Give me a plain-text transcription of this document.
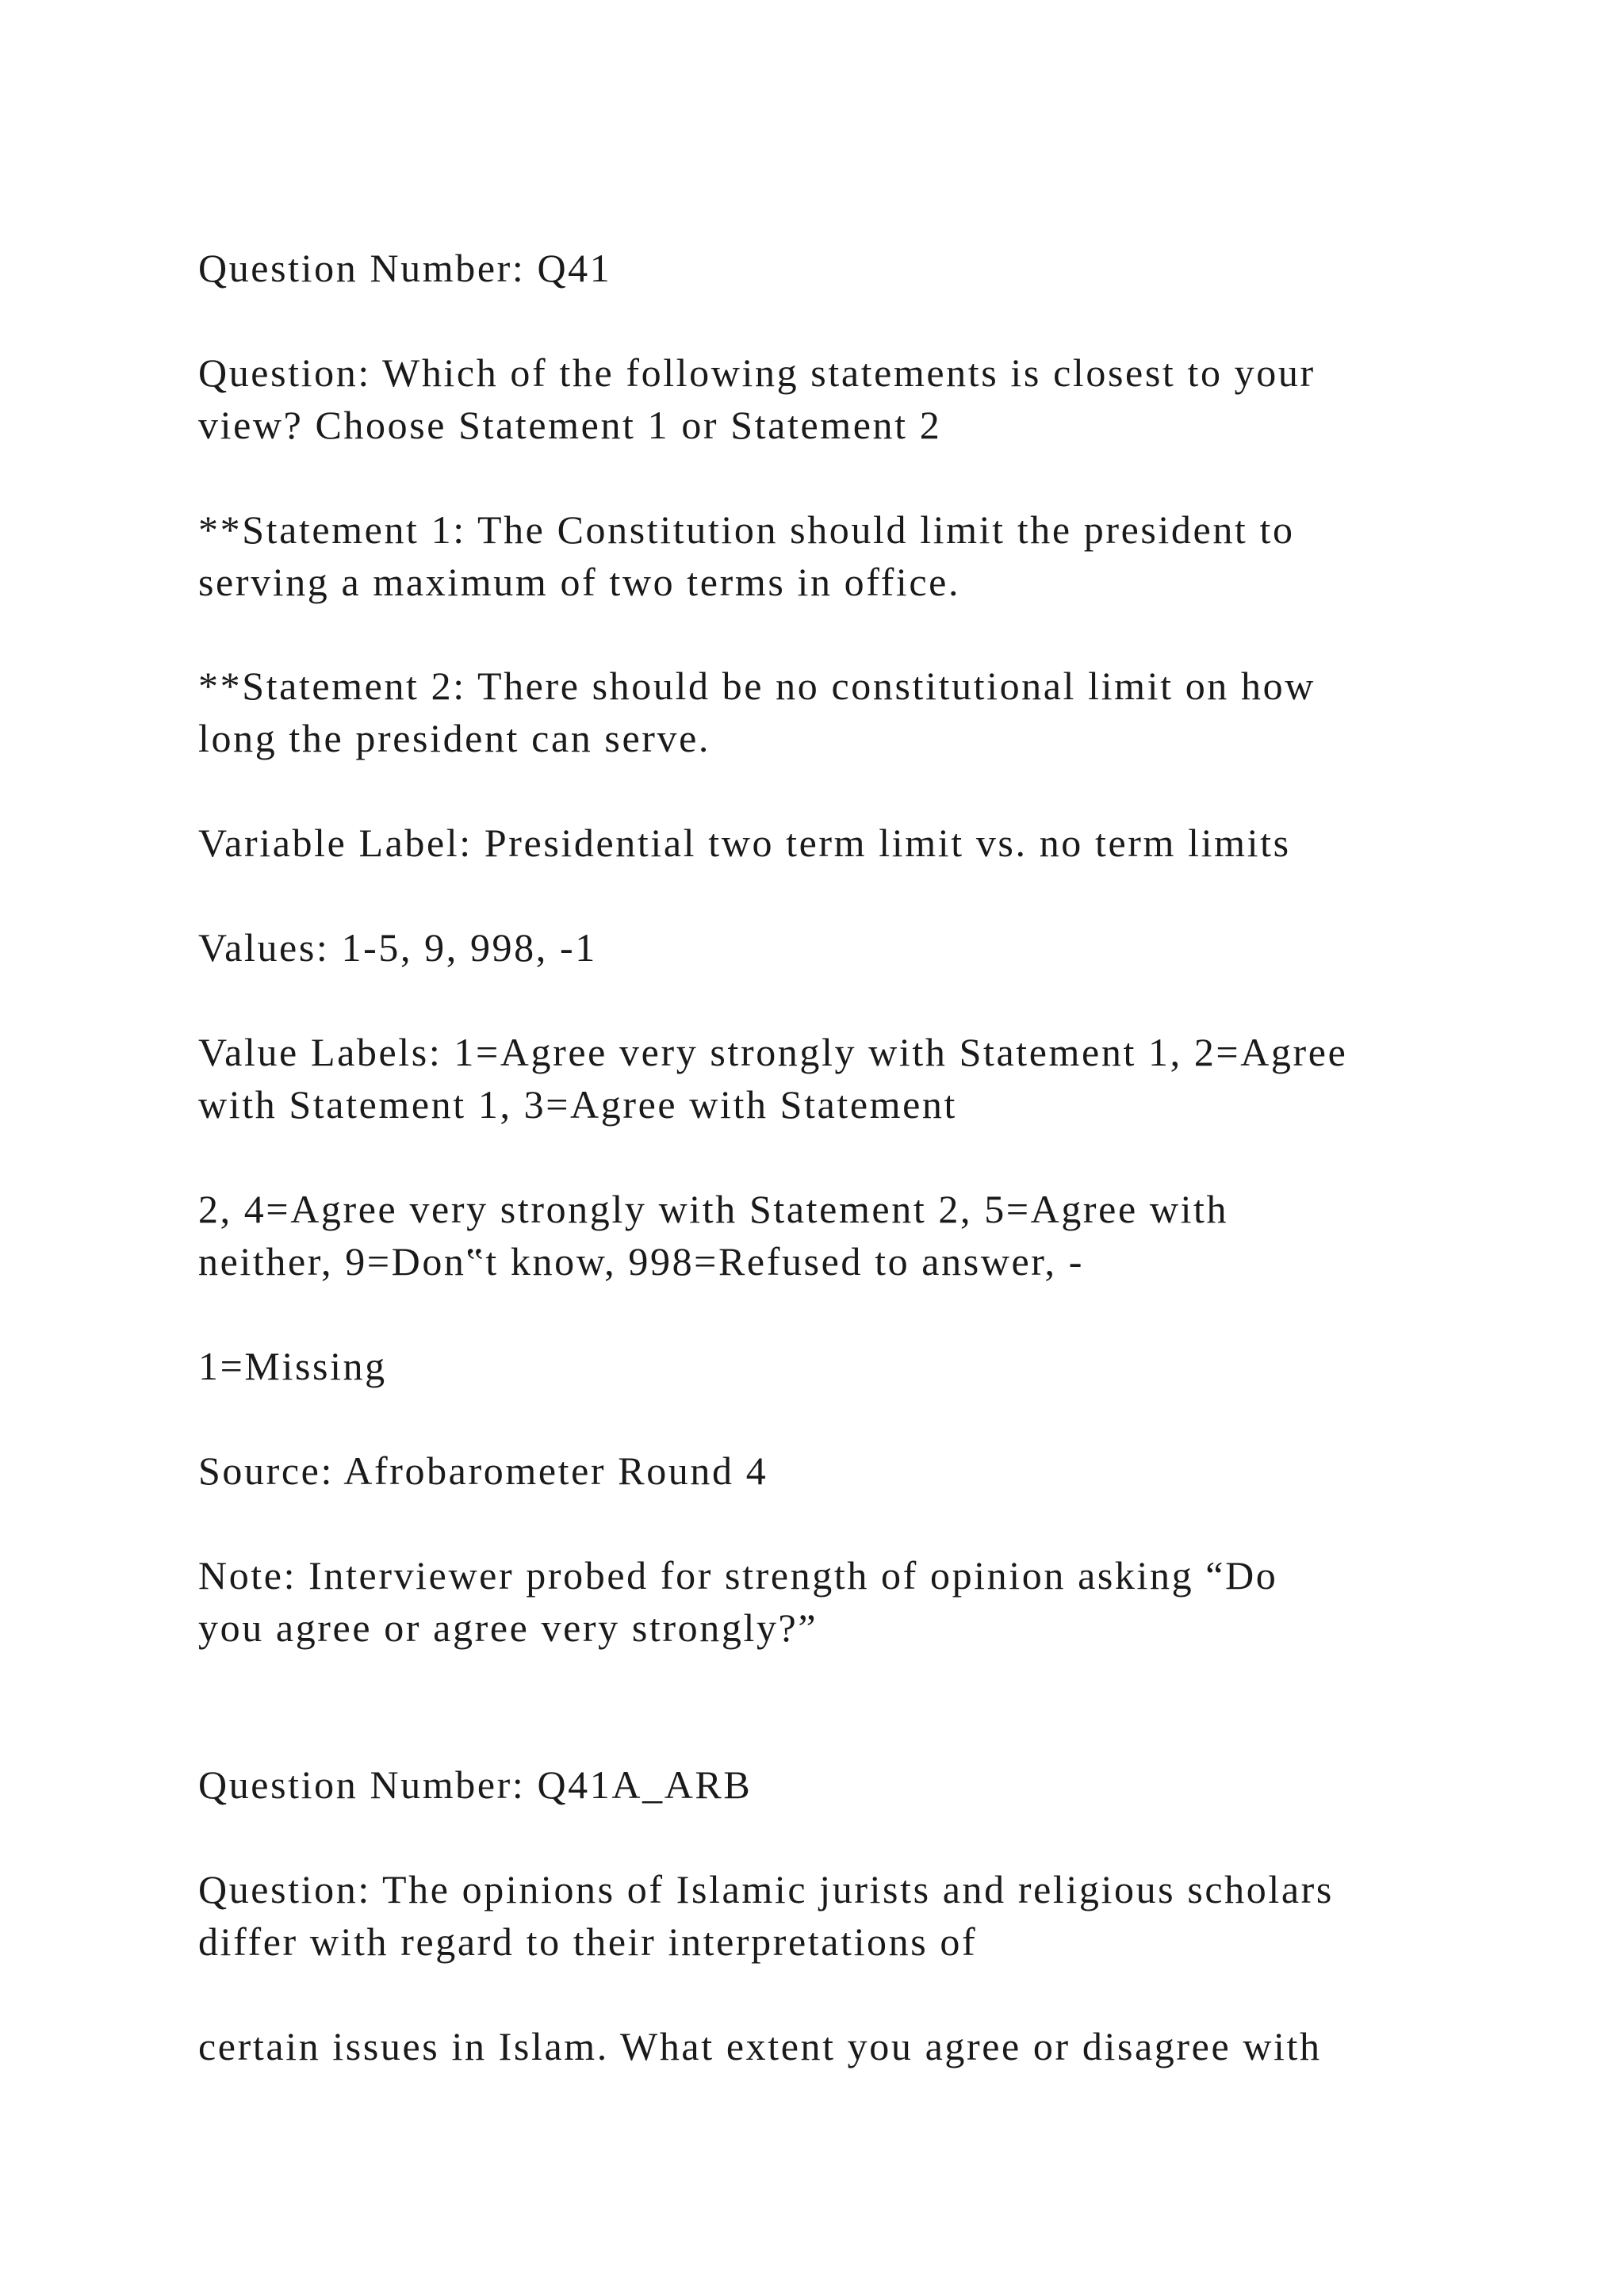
Question Number: Q41

Question: Which of the following statements is closest to your
view? Choose Statement 1 or Statement 2

**Statement 1: The Constitution should limit the president to
serving a maximum of two terms in office.

**Statement 2: There should be no constitutional limit on how
long the president can serve.

Variable Label: Presidential two term limit vs. no term limits

Values: 1-5, 9, 998, -1

Value Labels: 1=Agree very strongly with Statement 1, 2=Agree
with Statement 1, 3=Agree with Statement

2, 4=Agree very strongly with Statement 2, 5=Agree with
neither, 9=Don‟t know, 998=Refused to answer, -

1=Missing

Source: Afrobarometer Round 4

Note: Interviewer probed for strength of opinion asking “Do
you agree or agree very strongly?”

Question Number: Q41A_ARB

Question: The opinions of Islamic jurists and religious scholars
differ with regard to their interpretations of

certain issues in Islam. What extent you agree or disagree with
